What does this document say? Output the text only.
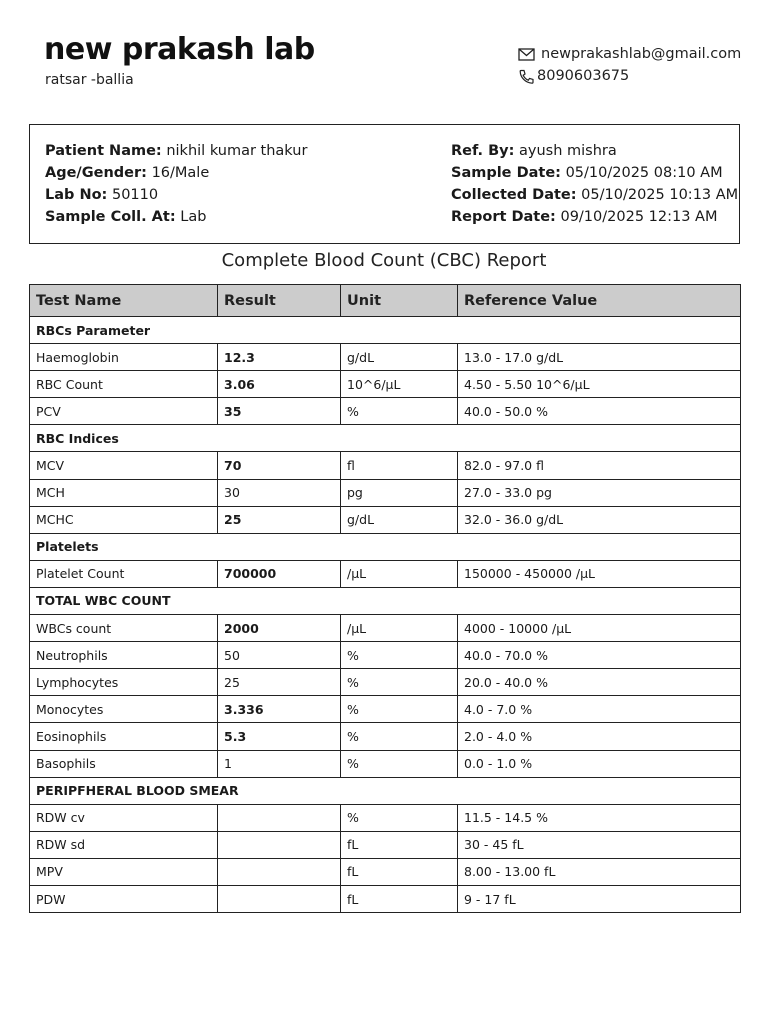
new prakash lab
ratsar -ballia
newprakashlab@gmail.com
8090603675
Patient Name: nikhil kumar thakur
Age/Gender: 16/Male
Lab No: 50110
Sample Coll. At: Lab
Ref. By: ayush mishra
Sample Date: 05/10/2025 08:10 AM
Collected Date: 05/10/2025 10:13 AM
Report Date: 09/10/2025 12:13 AM
Complete Blood Count (CBC) Report
Test Name	Result	Unit	Reference Value
RBCs Parameter			
Haemoglobin	12.3	g/dL	13.0 - 17.0 g/dL
RBC Count	3.06	10^6/µL	4.50 - 5.50 10^6/µL
PCV	35	%	40.0 - 50.0 %
RBC Indices			
MCV	70	fl	82.0 - 97.0 fl
MCH	30	pg	27.0 - 33.0 pg
MCHC	25	g/dL	32.0 - 36.0 g/dL
Platelets			
Platelet Count	700000	/µL	150000 - 450000 /µL
TOTAL WBC COUNT			
WBCs count	2000	/µL	4000 - 10000 /µL
Neutrophils	50	%	40.0 - 70.0 %
Lymphocytes	25	%	20.0 - 40.0 %
Monocytes	3.336	%	4.0 - 7.0 %
Eosinophils	5.3	%	2.0 - 4.0 %
Basophils	1	%	0.0 - 1.0 %
PERIPFHERAL BLOOD SMEAR			
RDW cv		%	11.5 - 14.5 %
RDW sd		fL	30 - 45 fL
MPV		fL	8.00 - 13.00 fL
PDW		fL	9 - 17 fL
